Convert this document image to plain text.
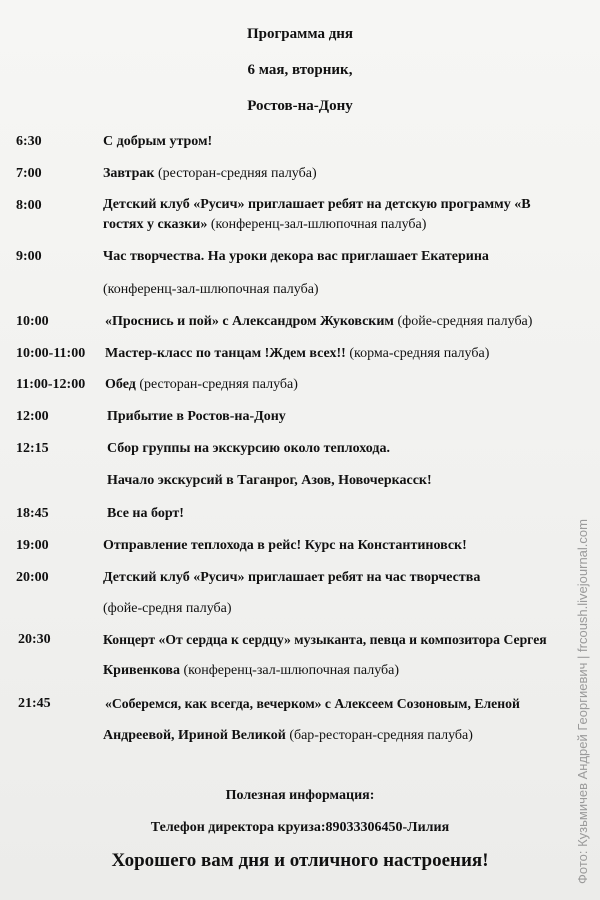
Программа дня
6 мая, вторник,
Ростов-на-Дону
6:30	С добрым утром!
7:00	Завтрак (ресторан-средняя палуба)
8:00	Детский клуб «Русич» приглашает ребят на детскую программу «В гостях у сказки» (конференц-зал-шлюпочная палуба)
9:00	Час творчества. На уроки декора вас приглашает Екатерина
(конференц-зал-шлюпочная палуба)
10:00	«Проснись и пой» с Александром Жуковским (фойе-средняя палуба)
10:00-11:00 Мастер-класс по танцам !Ждем всех!! (корма-средняя палуба)
11:00-12:00 Обед (ресторан-средняя палуба)
12:00	Прибытие в Ростов-на-Дону
12:15	Сбор группы на экскурсию около теплохода.
Начало экскурсий в Таганрог, Азов, Новочеркасск!
18:45	Все на борт!
19:00	Отправление теплохода в рейс! Курс на Константиновск!
20:00	Детский клуб «Русич» приглашает ребят на час творчества
(фойе-средня палуба)
20:30	Концерт «От сердца к сердцу» музыканта, певца и композитора Сергея
Кривенкова (конференц-зал-шлюпочная палуба)
21:45	«Соберемся, как всегда, вечерком» с Алексеем Созоновым, Еленой
Андреевой, Ириной Великой (бар-ресторан-средняя палуба)
Полезная информация:
Телефон директора круиза:89033306450-Лилия
Хорошего вам дня и отличного настроения!	Фото: Кузьмичев Андрей Георгиевич | frcoush.livejournal.com
